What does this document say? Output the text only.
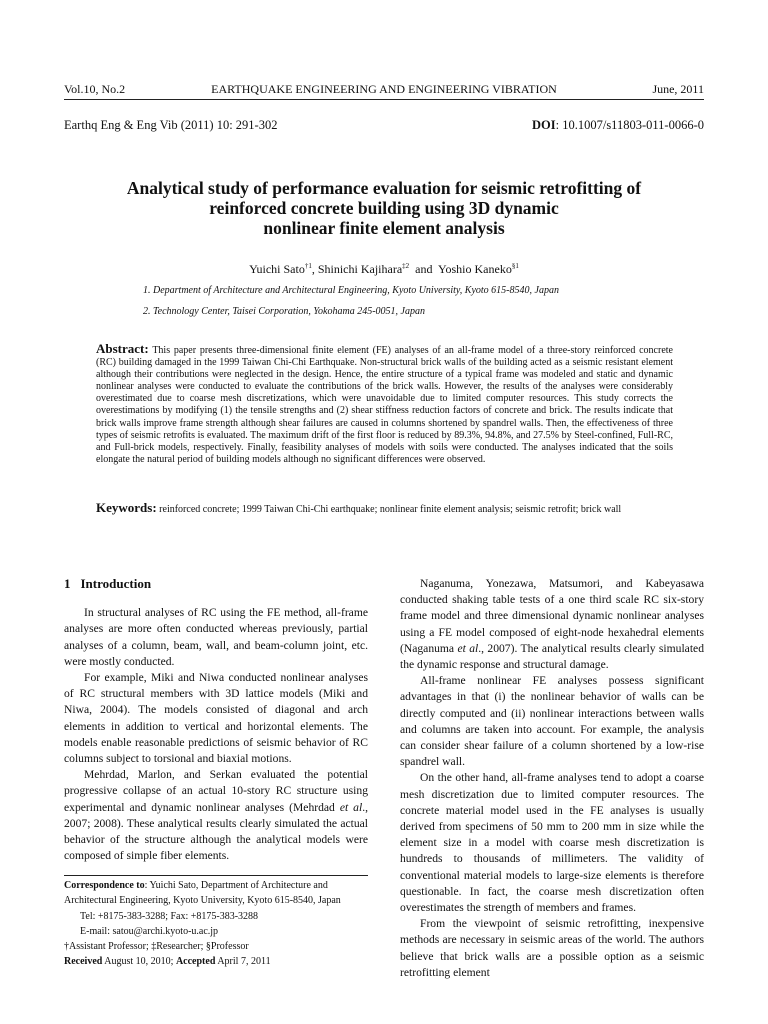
Vol.10, No.2	EARTHQUAKE ENGINEERING AND ENGINEERING VIBRATION	June, 2011
Earthq Eng & Eng Vib (2011) 10: 291-302	DOI: 10.1007/s11803-011-0066-0
Analytical study of performance evaluation for seismic retrofitting of
reinforced concrete building using 3D dynamic
nonlinear finite element analysis
Yuichi Sato$^{\dagger 1}$, Shinichi Kajihara$^{\ddagger 2}$ and Yoshio Kaneko$^{\S 1}$
1. Department of Architecture and Architectural Engineering, Kyoto University, Kyoto 615-8540, Japan
2. Technology Center, Taisei Corporation, Yokohama 245-0051, Japan

Abstract: This paper presents three-dimensional finite element (FE) analyses of an all-frame model of a three-story reinforced concrete (RC) building damaged in the 1999 Taiwan Chi-Chi Earthquake. Non-structural brick walls of the building acted as a seismic resistant element although their contributions were neglected in the design. Hence, the entire structure of a typical frame was modeled and static and dynamic nonlinear analyses were conducted to evaluate the contributions of the brick walls. However, the results of the analyses were considerably overestimated due to coarse mesh discretizations, which were unavoidable due to limited computer resources. This study corrects the overestimations by modifying (1) the tensile strengths and (2) shear stiffness reduction factors of concrete and brick. The results indicate that brick walls improve frame strength although shear failures are caused in columns shortened by spandrel walls. Then, the effectiveness of three types of seismic retrofits is evaluated. The maximum drift of the first floor is reduced by 89.3%, 94.8%, and 27.5% by Steel-confined, Full-RC, and Full-brick models, respectively. Finally, feasibility analyses of models with soils were conducted. The analyses indicated that the soils elongate the natural period of building models although no significant differences were observed.

Keywords: reinforced concrete; 1999 Taiwan Chi-Chi earthquake; nonlinear finite element analysis; seismic retrofit; brick wall

1 Introduction

In structural analyses of RC using the FE method, all-frame analyses are more often conducted whereas previously, partial analyses of a column, beam, wall, and beam-column joint, etc. were mostly conducted.

For example, Miki and Niwa conducted nonlinear analyses of RC structural members with 3D lattice models (Miki and Niwa, 2004). The models consisted of diagonal and arch elements in addition to vertical and horizontal elements. The models enable reasonable predictions of seismic behavior of RC columns subject to torsional and biaxial motions.

Mehrdad, Marlon, and Serkan evaluated the potential progressive collapse of an actual 10-story RC structure using experimental and dynamic nonlinear analyses (Mehrdad et al., 2007; 2008). These analytical results clearly simulated the actual behavior of the structure although the analytical models were composed of simple fiber elements.

Correspondence to: Yuichi Sato, Department of Architecture and Architectural Engineering, Kyoto University, Kyoto 615-8540, Japan
Tel: +8175-383-3288; Fax: +8175-383-3288
E-mail: satou@archi.kyoto-u.ac.jp
†Assistant Professor; ‡Researcher; §Professor
Received August 10, 2010; Accepted April 7, 2011

Naganuma, Yonezawa, Matsumori, and Kabeyasawa conducted shaking table tests of a one third scale RC six-story frame model and three dimensional dynamic nonlinear analyses using a FE model composed of eight-node hexahedral elements (Naganuma et al., 2007). The analytical results clearly simulated the dynamic response and structural damage.

All-frame nonlinear FE analyses possess significant advantages in that (i) the nonlinear behavior of walls can be directly computed and (ii) nonlinear interactions between walls and columns are taken into account. For example, the analysis can consider shear failure of a column shortened by a low-rise spandrel wall.

On the other hand, all-frame analyses tend to adopt a coarse mesh discretization due to limited computer resources. The concrete material model used in the FE analyses is usually derived from specimens of 50 mm to 200 mm in size while the element size in a model with coarse mesh discretization is hundreds to thousands of millimeters. The validity of conventional material models to large-size elements is therefore questionable. In fact, the coarse mesh discretization often overestimates the strength of members and frames.

From the viewpoint of seismic retrofitting, inexpensive methods are necessary in seismic areas of the world. The authors believe that brick walls are a possible option as a seismic retrofitting element
